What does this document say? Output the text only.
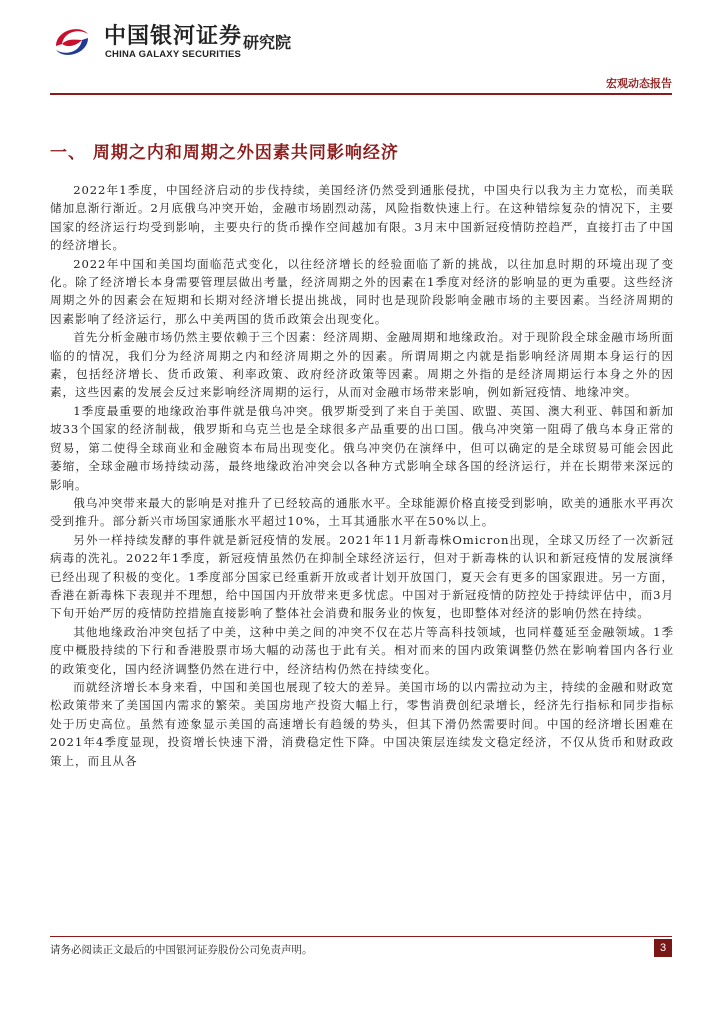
中国银河证券
CHINA GALAXY SECURITIES
研究院
宏观动态报告
一、 周期之内和周期之外因素共同影响经济

2022年1季度，中国经济启动的步伐持续，美国经济仍然受到通胀侵扰，中国央行以我为主力宽松，而美联储加息渐行渐近。2月底俄乌冲突开始，金融市场剧烈动荡，风险指数快速上行。在这种错综复杂的情况下，主要国家的经济运行均受到影响，主要央行的货币操作空间越加有限。3月末中国新冠疫情防控趋严，直接打击了中国的经济增长。

2022年中国和美国均面临范式变化，以往经济增长的经验面临了新的挑战，以往加息时期的环境出现了变化。除了经济增长本身需要管理层做出考量，经济周期之外的因素在1季度对经济的影响显的更为重要。这些经济周期之外的因素会在短期和长期对经济增长提出挑战，同时也是现阶段影响金融市场的主要因素。当经济周期的因素影响了经济运行，那么中美两国的货币政策会出现变化。

首先分析金融市场仍然主要依赖于三个因素：经济周期、金融周期和地缘政治。对于现阶段全球金融市场所面临的的情况，我们分为经济周期之内和经济周期之外的因素。所谓周期之内就是指影响经济周期本身运行的因素，包括经济增长、货币政策、利率政策、政府经济政策等因素。周期之外指的是经济周期运行本身之外的因素，这些因素的发展会反过来影响经济周期的运行，从而对金融市场带来影响，例如新冠疫情、地缘冲突。

1季度最重要的地缘政治事件就是俄乌冲突。俄罗斯受到了来自于美国、欧盟、英国、澳大利亚、韩国和新加坡33个国家的经济制裁，俄罗斯和乌克兰也是全球很多产品重要的出口国。俄乌冲突第一阻碍了俄乌本身正常的贸易，第二使得全球商业和金融资本布局出现变化。俄乌冲突仍在演绎中，但可以确定的是全球贸易可能会因此萎缩，全球金融市场持续动荡，最终地缘政治冲突会以各种方式影响全球各国的经济运行，并在长期带来深远的影响。

俄乌冲突带来最大的影响是对推升了已经较高的通胀水平。全球能源价格直接受到影响，欧美的通胀水平再次受到推升。部分新兴市场国家通胀水平超过10%，土耳其通胀水平在50%以上。

另外一样持续发酵的事件就是新冠疫情的发展。2021年11月新毒株Omicron出现，全球又历经了一次新冠病毒的洗礼。2022年1季度，新冠疫情虽然仍在抑制全球经济运行，但对于新毒株的认识和新冠疫情的发展演绎已经出现了积极的变化。1季度部分国家已经重新开放或者计划开放国门，夏天会有更多的国家跟进。另一方面，香港在新毒株下表现并不理想，给中国国内开放带来更多忧虑。中国对于新冠疫情的防控处于持续评估中，而3月下旬开始严厉的疫情防控措施直接影响了整体社会消费和服务业的恢复，也即整体对经济的影响仍然在持续。

其他地缘政治冲突包括了中美，这种中美之间的冲突不仅在芯片等高科技领域，也同样蔓延至金融领域。1季度中概股持续的下行和香港股票市场大幅的动荡也于此有关。相对而来的国内政策调整仍然在影响着国内各行业的政策变化，国内经济调整仍然在进行中，经济结构仍然在持续变化。

而就经济增长本身来看，中国和美国也展现了较大的差异。美国市场的以内需拉动为主，持续的金融和财政宽松政策带来了美国国内需求的繁荣。美国房地产投资大幅上行，零售消费创纪录增长，经济先行指标和同步指标处于历史高位。虽然有迹象显示美国的高速增长有趋缓的势头，但其下滑仍然需要时间。中国的经济增长困难在2021年4季度显现，投资增长快速下滑，消费稳定性下降。中国决策层连续发文稳定经济，不仅从货币和财政政策上，而且从各

请务必阅读正文最后的中国银河证券股份公司免责声明。	3
